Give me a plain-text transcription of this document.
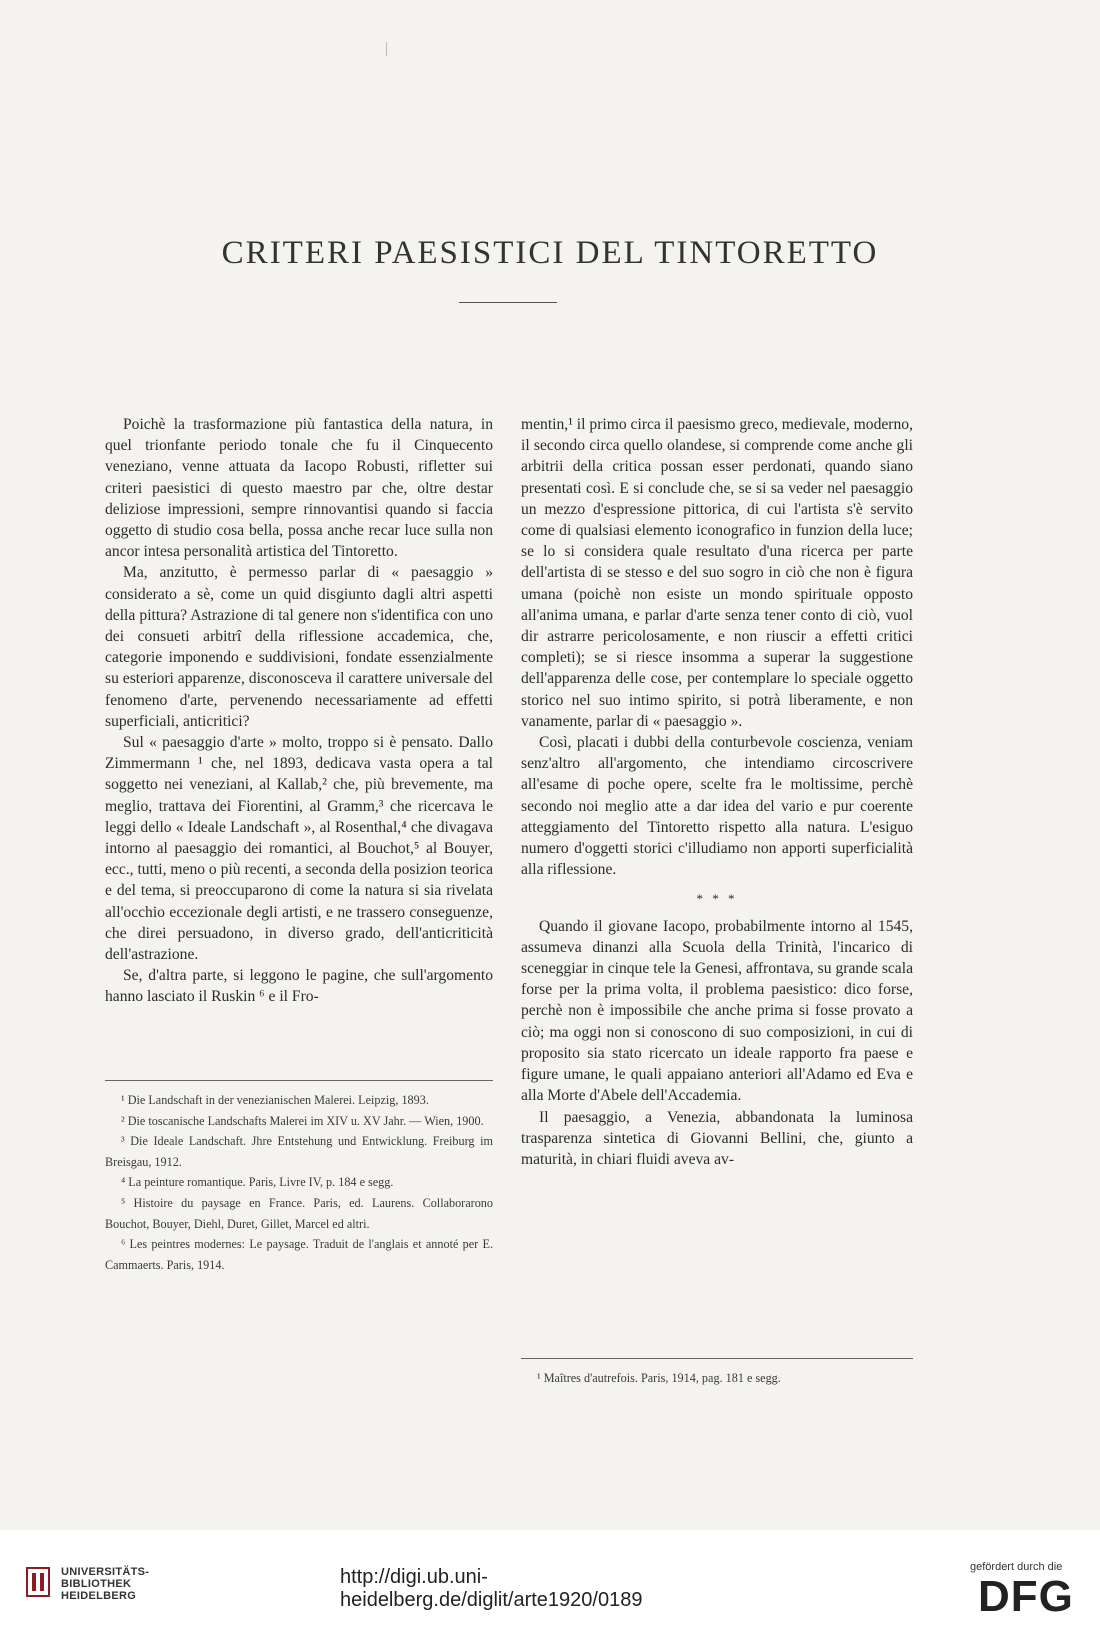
CRITERI PAESISTICI DEL TINTORETTO

Poichè la trasformazione più fantastica della natura, in quel trionfante periodo tonale che fu il Cinquecento veneziano, venne attuata da Iacopo Robusti, rifletter sui criteri paesistici di questo maestro par che, oltre destar deliziose impressioni, sempre rinnovantisi quando si faccia oggetto di studio cosa bella, possa anche recar luce sulla non ancor intesa personalità artistica del Tintoretto.

Ma, anzitutto, è permesso parlar di « paesaggio » considerato a sè, come un quid disgiunto dagli altri aspetti della pittura? Astrazione di tal genere non s'identifica con uno dei consueti arbitrî della riflessione accademica, che, categorie imponendo e suddivisioni, fondate essenzialmente su esteriori apparenze, disconosceva il carattere universale del fenomeno d'arte, pervenendo necessariamente ad effetti superficiali, anticritici?

Sul « paesaggio d'arte » molto, troppo si è pensato. Dallo Zimmermann ¹ che, nel 1893, dedicava vasta opera a tal soggetto nei veneziani, al Kallab,² che, più brevemente, ma meglio, trattava dei Fiorentini, al Gramm,³ che ricercava le leggi dello « Ideale Landschaft », al Rosenthal,⁴ che divagava intorno al paesaggio dei romantici, al Bouchot,⁵ al Bouyer, ecc., tutti, meno o più recenti, a seconda della posizion teorica e del tema, si preoccuparono di come la natura si sia rivelata all'occhio eccezionale degli artisti, e ne trassero conseguenze, che direi persuadono, in diverso grado, dell'anticriticità dell'astrazione.

Se, d'altra parte, si leggono le pagine, che sull'argomento hanno lasciato il Ruskin ⁶ e il Fro-

¹ Die Landschaft in der venezianischen Malerei. Leipzig, 1893.

² Die toscanische Landschafts Malerei im XIV u. XV Jahr. — Wien, 1900.

³ Die Ideale Landschaft. Jhre Entstehung und Entwicklung. Freiburg im Breisgau, 1912.

⁴ La peinture romantique. Paris, Livre IV, p. 184 e segg.

⁵ Histoire du paysage en France. Paris, ed. Laurens. Collaborarono Bouchot, Bouyer, Diehl, Duret, Gillet, Marcel ed altri.

⁶ Les peintres modernes: Le paysage. Traduit de l'anglais et annoté per E. Cammaerts. Paris, 1914.

mentin,¹ il primo circa il paesismo greco, medievale, moderno, il secondo circa quello olandese, si comprende come anche gli arbitrii della critica possan esser perdonati, quando siano presentati così. E si conclude che, se si sa veder nel paesaggio un mezzo d'espressione pittorica, di cui l'artista s'è servito come di qualsiasi elemento iconografico in funzion della luce; se lo si considera quale resultato d'una ricerca per parte dell'artista di se stesso e del suo sogro in ciò che non è figura umana (poichè non esiste un mondo spirituale opposto all'anima umana, e parlar d'arte senza tener conto di ciò, vuol dir astrarre pericolosamente, e non riuscir a effetti critici completi); se si riesce insomma a superar la suggestione dell'apparenza delle cose, per contemplare lo speciale oggetto storico nel suo intimo spirito, si potrà liberamente, e non vanamente, parlar di « paesaggio ».

Così, placati i dubbi della conturbevole coscienza, veniam senz'altro all'argomento, che intendiamo circoscrivere all'esame di poche opere, scelte fra le moltissime, perchè secondo noi meglio atte a dar idea del vario e pur coerente atteggiamento del Tintoretto rispetto alla natura. L'esiguo numero d'oggetti storici c'illudiamo non apporti superficialità alla riflessione.

* * *

Quando il giovane Iacopo, probabilmente intorno al 1545, assumeva dinanzi alla Scuola della Trinità, l'incarico di sceneggiar in cinque tele la Genesi, affrontava, su grande scala forse per la prima volta, il problema paesistico: dico forse, perchè non è impossibile che anche prima si fosse provato a ciò; ma oggi non si conoscono di suo composizioni, in cui di proposito sia stato ricercato un ideale rapporto fra paese e figure umane, le quali appaiano anteriori all'Adamo ed Eva e alla Morte d'Abele dell'Accademia.

Il paesaggio, a Venezia, abbandonata la luminosa trasparenza sintetica di Giovanni Bellini, che, giunto a maturità, in chiari fluidi aveva av-

¹ Maîtres d'autrefois. Paris, 1914, pag. 181 e segg.

UNIVERSITÄTS-
BIBLIOTHEK
HEIDELBERG
http://digi.ub.uni-heidelberg.de/diglit/arte1920/0189
gefördert durch die
DFG
